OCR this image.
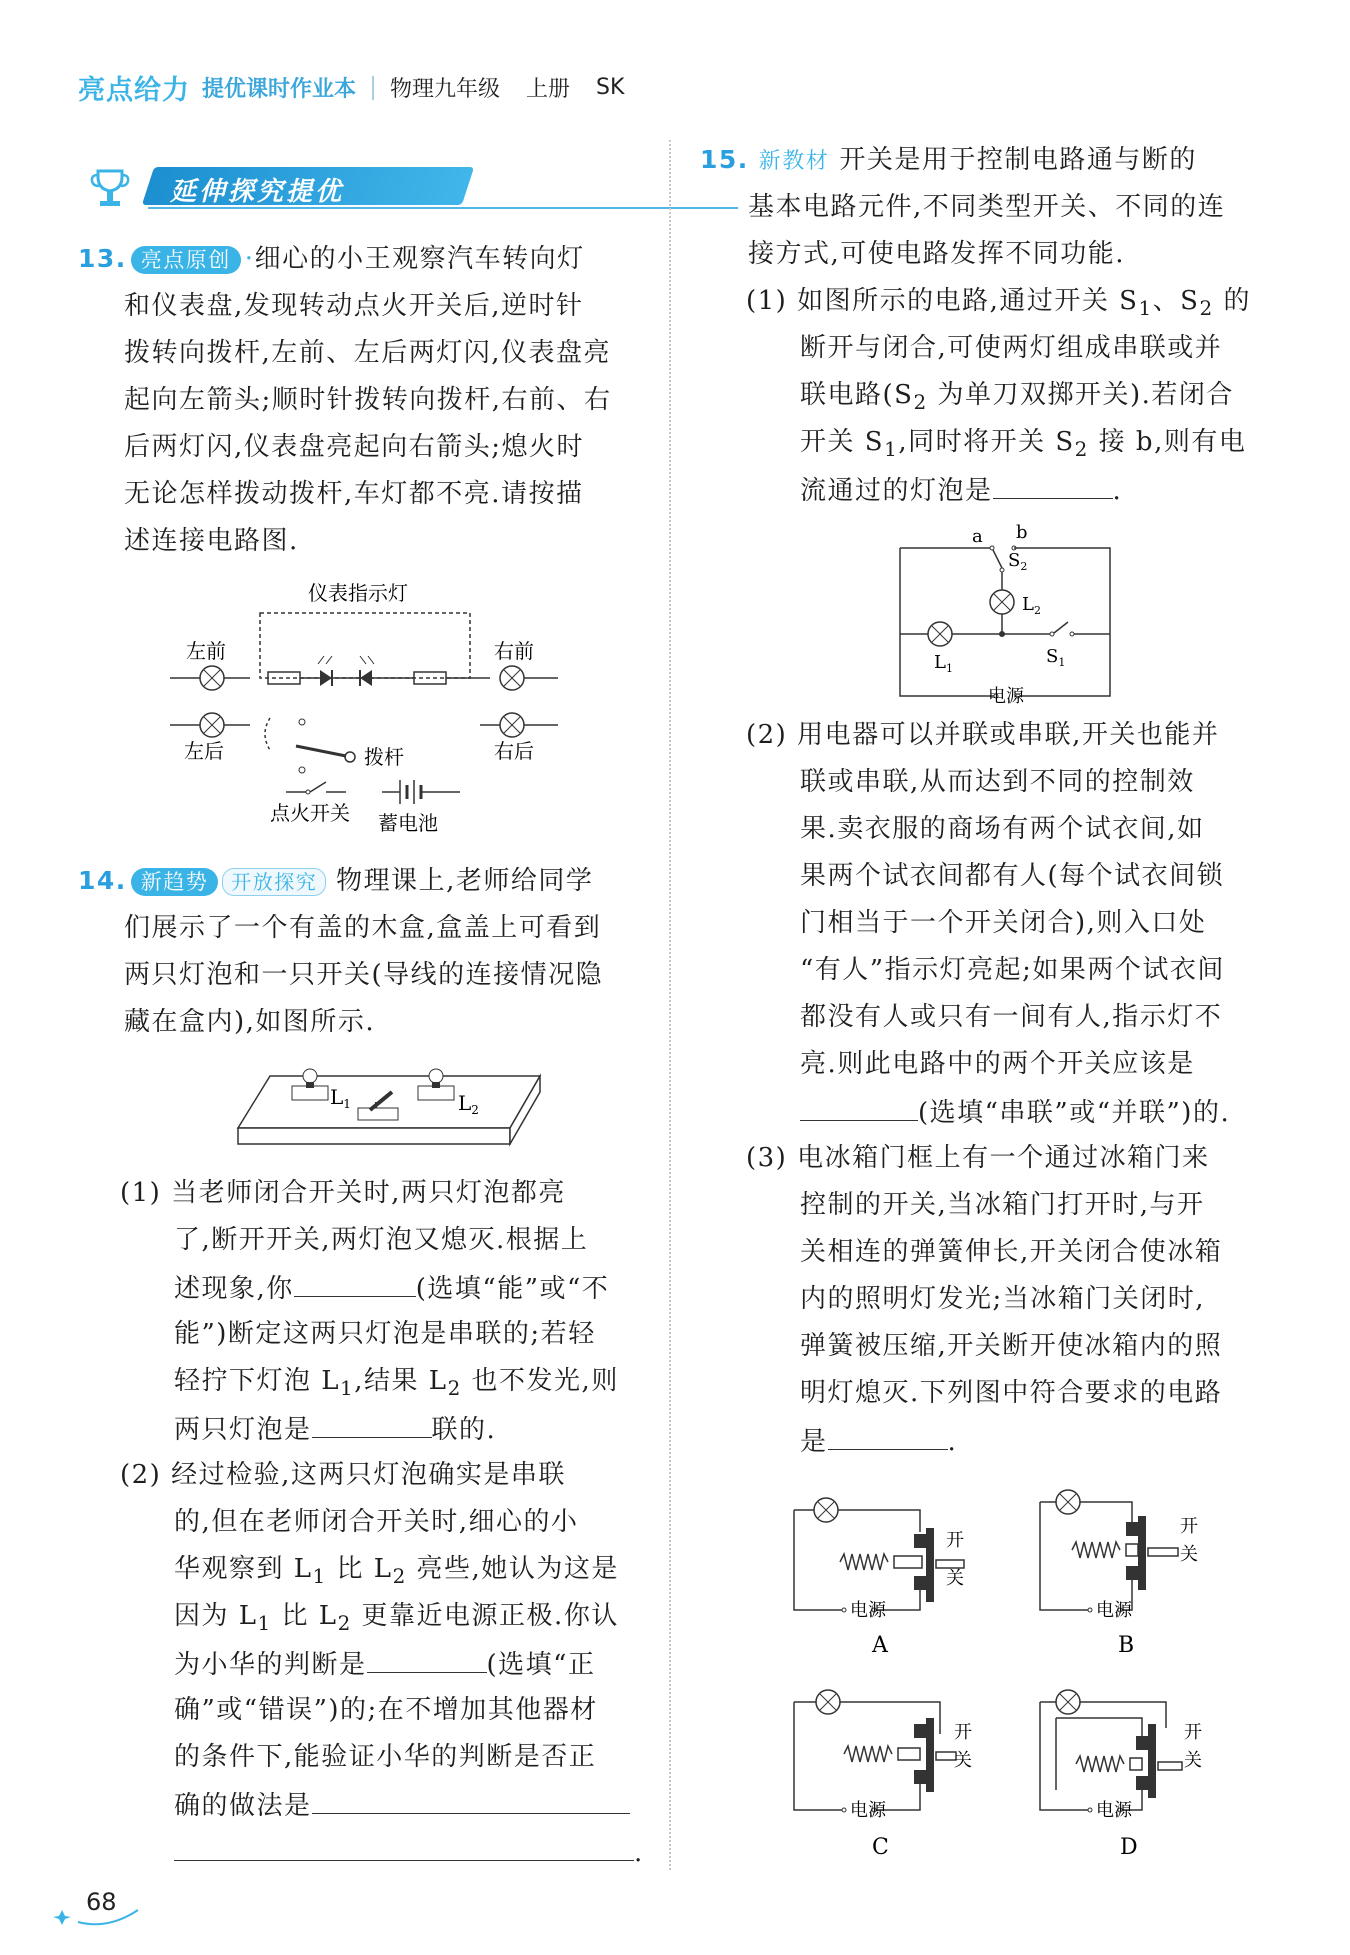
亮点给力 提优课时作业本 物理九年级 上册 SK
延伸探究提优
13. 亮点原创 ·细心的小王观察汽车转向灯
和仪表盘,发现转动点火开关后,逆时针
拨转向拨杆,左前、左后两灯闪,仪表盘亮
起向左箭头;顺时针拨转向拨杆,右前、右
后两灯闪,仪表盘亮起向右箭头;熄火时
无论怎样拨动拨杆,车灯都不亮.请按描
述连接电路图.
仪表指示灯
左前	右前
左后	右后
拨杆
点火开关 蓄电池
14. 新趋势 开放探究 物理课上,老师给同学
们展示了一个有盖的木盒,盒盖上可看到
两只灯泡和一只开关(导线的连接情况隐
藏在盒内),如图所示.
$L_1$	$L_2$
(1) 当老师闭合开关时,两只灯泡都亮
了,断开开关,两灯泡又熄灭.根据上
述现象,你	(选填“能”或“不
能”)断定这两只灯泡是串联的;若轻
轻拧下灯泡 $L_1$,结果 $L_2$ 也不发光,则
两只灯泡是	联的.
(2) 经过检验,这两只灯泡确实是串联
的,但在老师闭合开关时,细心的小
华观察到 $L_1$ 比 $L_2$ 亮些,她认为这是
因为 $L_1$ 比 $L_2$ 更靠近电源正极.你认
为小华的判断是	(选填“正
确”或“错误”)的;在不增加其他器材
的条件下,能验证小华的判断是否正
确的做法是
.
15. 新教材 开关是用于控制电路通与断的
基本电路元件,不同类型开关、不同的连
接方式,可使电路发挥不同功能.
(1) 如图所示的电路,通过开关 $S_1$、$S_2$ 的
断开与闭合,可使两灯组成串联或并
联电路($S_2$ 为单刀双掷开关).若闭合
开关 $S_1$,同时将开关 $S_2$ 接 b,则有电
流通过的灯泡是	.
a b
$S_2$
$L_2$
$L_1$
$S_1$
电源
(2) 用电器可以并联或串联,开关也能并
联或串联,从而达到不同的控制效
果.卖衣服的商场有两个试衣间,如
果两个试衣间都有人(每个试衣间锁
门相当于一个开关闭合),则入口处
“有人”指示灯亮起;如果两个试衣间
都没有人或只有一间有人,指示灯不
亮.则此电路中的两个开关应该是
(选填“串联”或“并联”)的.
(3) 电冰箱门框上有一个通过冰箱门来
控制的开关,当冰箱门打开时,与开
关相连的弹簧伸长,开关闭合使冰箱
内的照明灯发光;当冰箱门关闭时,
弹簧被压缩,开关断开使冰箱内的照
明灯熄灭.下列图中符合要求的电路
是	.
电源
开
关
A
电源
开
关
B
电源
开
关
C
电源
开
关
D
68
